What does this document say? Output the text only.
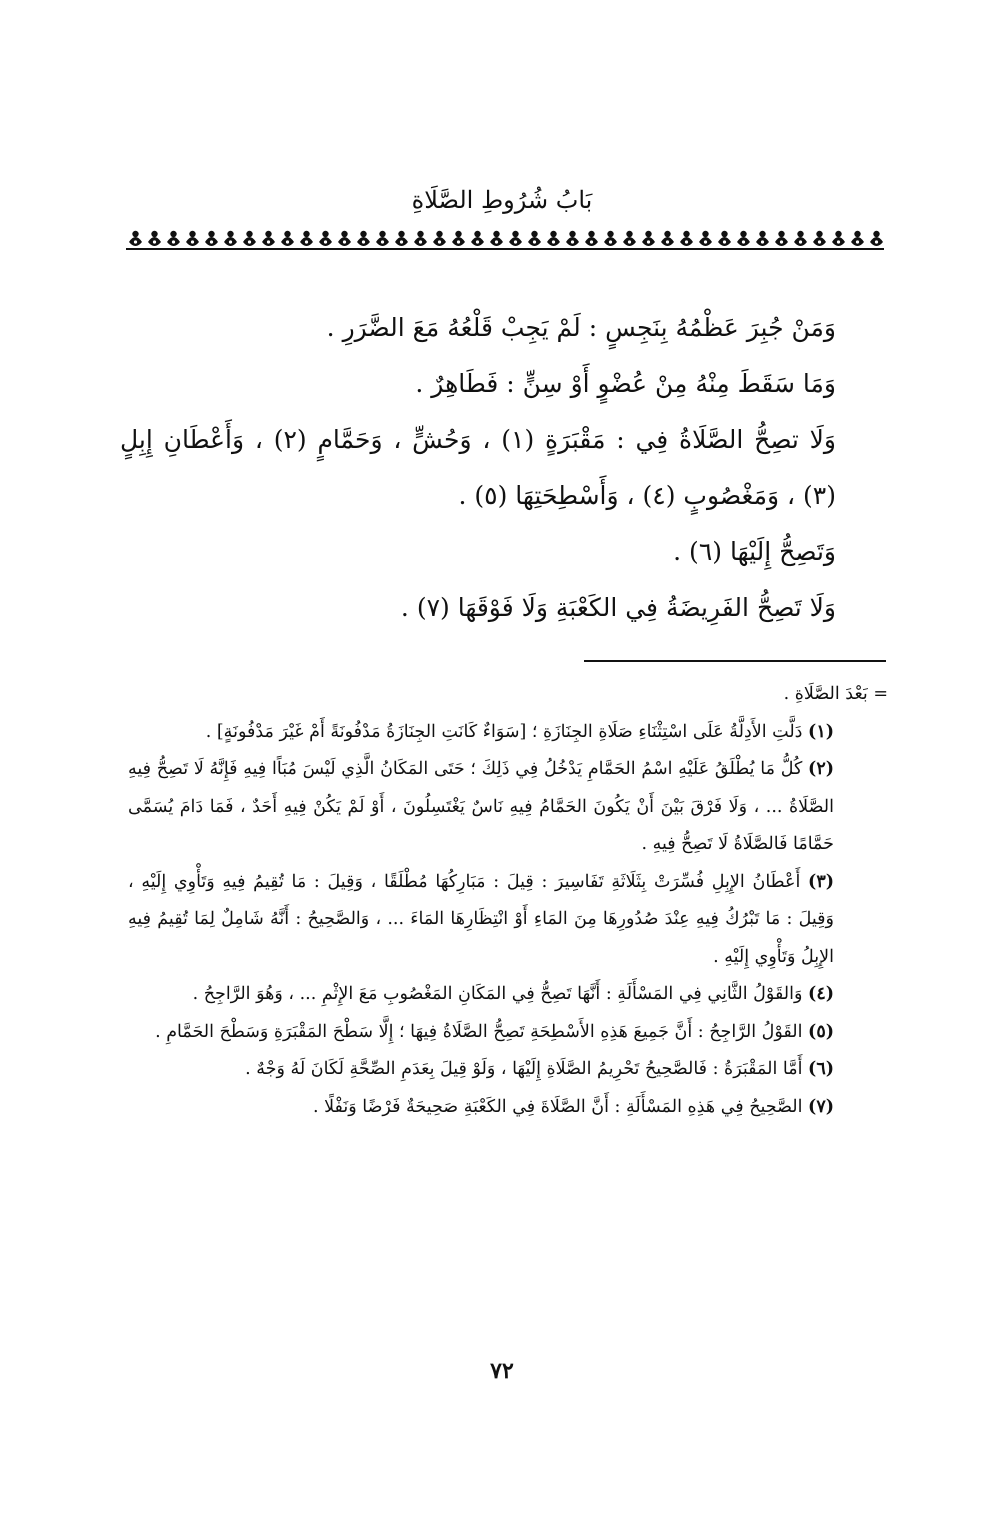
بَابُ شُرُوطِ الصَّلَاةِ

وَمَنْ جُبِرَ عَظْمُهُ بِنَجِسٍ : لَمْ يَجِبْ قَلْعُهُ مَعَ الضَّرَرِ .

وَمَا سَقَطَ مِنْهُ مِنْ عُضْوٍ أَوْ سِنٍّ : فَطَاهِرٌ .

وَلَا تصِحُّ الصَّلَاةُ فِي : مَقْبَرَةٍ (١) ، وَحُشٍّ ، وَحَمَّامٍ (٢) ، وَأَعْطَانِ إِبِلٍ (٣) ، وَمَغْصُوبٍ (٤) ، وَأَسْطِحَتِهَا (٥) .

وَتَصِحُّ إِلَيْهَا (٦) .

وَلَا تَصِحُّ الفَرِيضَةُ فِي الكَعْبَةِ وَلَا فَوْقَهَا (٧) .

= بَعْدَ الصَّلَاةِ .

(١) دَلَّتِ الأَدِلَّةُ عَلَى اسْتِثْنَاءِ صَلَاةِ الجِنَازَةِ ؛ [سَوَاءٌ كَانَتِ الجِنَازَةُ مَدْفُونَةً أَمْ غَيْرَ مَدْفُونَةٍ] .

(٢) كُلُّ مَا يُطْلَقُ عَلَيْهِ اسْمُ الحَمَّامِ يَدْخُلُ فِي ذَلِكَ ؛ حَتَى المَكَانُ الَّذِي لَيْسَ مُبَاًا فِيهِ فَإِنَّهُ لَا تَصِحُّ فِيهِ الصَّلَاةُ ... ، وَلَا فَرْقَ بَيْنَ أَنْ يَكُونَ الحَمَّامُ فِيهِ نَاسٌ يَغْتَسِلُونَ ، أَوْ لَمْ يَكُنْ فِيهِ أَحَدٌ ، فَمَا دَامَ يُسَمَّى حَمَّامًا فَالصَّلَاةُ لَا تَصِحُّ فِيهِ .

(٣) أَعْطَانُ الإِبِلِ فُسِّرَتْ بِثَلَاثَةِ تَفَاسِيرَ : قِيلَ : مَبَارِكُهَا مُطْلَقًا ، وَقِيلَ : مَا تُقِيمُ فِيهِ وَتَأْوِي إِلَيْهِ ، وَقِيلَ : مَا تَبْرُكُ فِيهِ عِنْدَ صُدُورِهَا مِنَ المَاءِ أَوْ انْتِظَارِهَا المَاءَ ... ، وَالصَّحِيحُ : أَنَّهُ شَامِلٌ لِمَا تُقِيمُ فِيهِ الإِبِلُ وَتَأْوِي إِلَيْهِ .

(٤) وَالقَوْلُ الثَّانِي فِي المَسْأَلَةِ : أَنَّهَا تَصِحُّ فِي المَكَانِ المَغْصُوبِ مَعَ الإِثْمِ ... ، وَهُوَ الرَّاجِحُ .

(٥) القَوْلُ الرَّاجِحُ : أَنَّ جَمِيعَ هَذِهِ الأَسْطِحَةِ تَصِحُّ الصَّلَاةُ فِيهَا ؛ إِلَّا سَطْحَ المَقْبَرَةِ وَسَطْحَ الحَمَّامِ .

(٦) أَمَّا المَقْبَرَةُ : فَالصَّحِيحُ تَحْرِيمُ الصَّلَاةِ إِلَيْهَا ، وَلَوْ قِيلَ بِعَدَمِ الصِّحَّةِ لَكَانَ لَهُ وَجْهٌ .

(٧) الصَّحِيحُ فِي هَذِهِ المَسْأَلَةِ : أَنَّ الصَّلَاةَ فِي الكَعْبَةِ صَحِيحَةٌ فَرْضًا وَنَفْلًا .

٧٢
